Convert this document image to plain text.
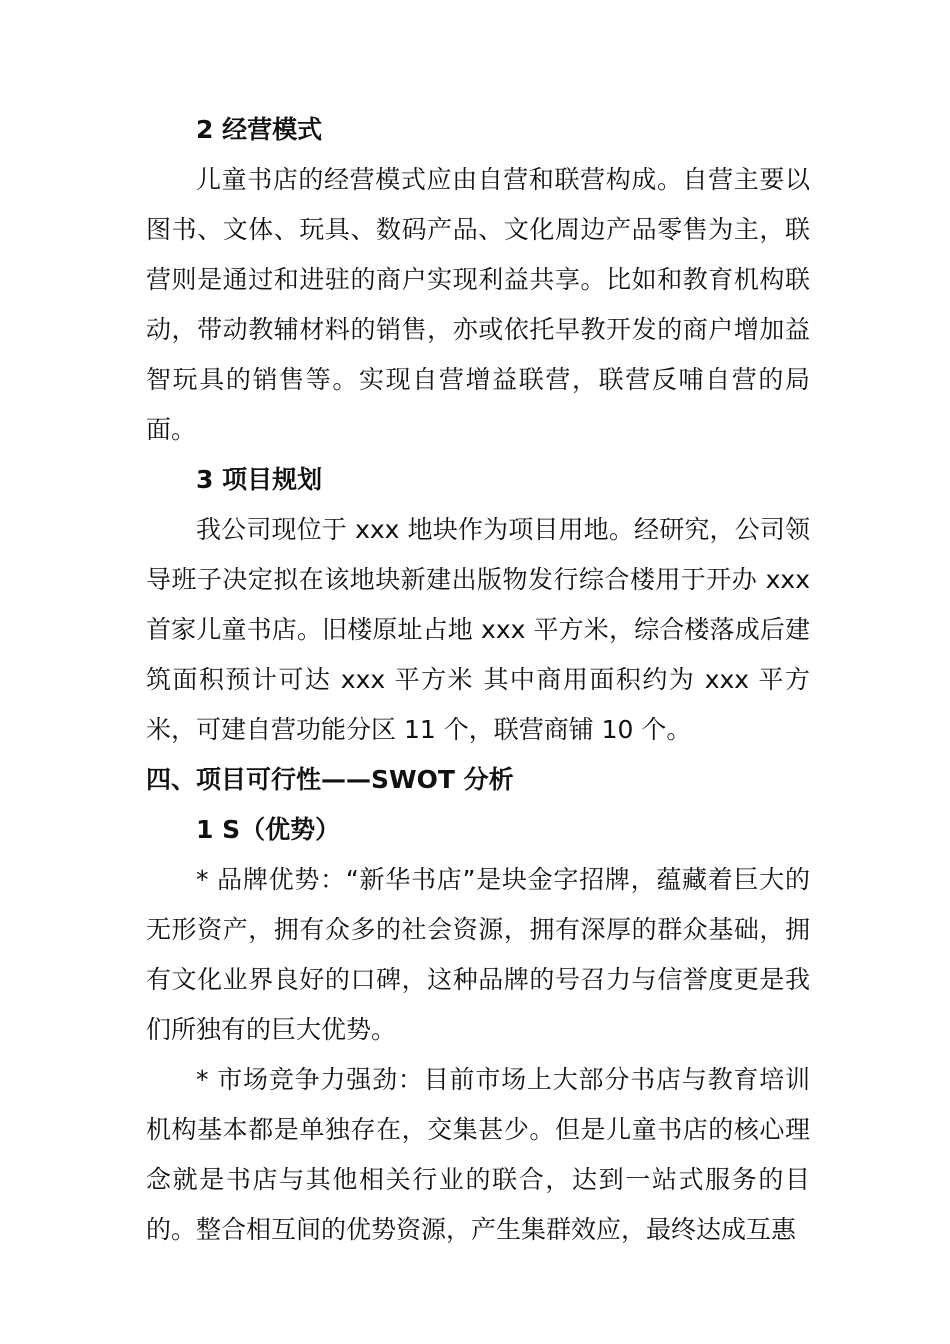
2 经营模式

儿童书店的经营模式应由自营和联营构成。自营主要以图书、文体、玩具、数码产品、文化周边产品零售为主，联营则是通过和进驻的商户实现利益共享。比如和教育机构联动，带动教辅材料的销售，亦或依托早教开发的商户增加益智玩具的销售等。实现自营增益联营，联营反哺自营的局面。

3 项目规划

我公司现位于 xxx 地块作为项目用地。经研究，公司领导班子决定拟在该地块新建出版物发行综合楼用于开办 xxx 首家儿童书店。旧楼原址占地 xxx 平方米，综合楼落成后建筑面积预计可达 xxx 平方米 其中商用面积约为 xxx 平方米，可建自营功能分区 11 个，联营商铺 10 个。

四、项目可行性——SWOT 分析
1 S（优势）

* 品牌优势：“新华书店”是块金字招牌，蕴藏着巨大的无形资产，拥有众多的社会资源，拥有深厚的群众基础，拥有文化业界良好的口碑，这种品牌的号召力与信誉度更是我们所独有的巨大优势。

* 市场竞争力强劲：目前市场上大部分书店与教育培训机构基本都是单独存在，交集甚少。但是儿童书店的核心理念就是书店与其他相关行业的联合，达到一站式服务的目的。整合相互间的优势资源，产生集群效应，最终达成互惠
